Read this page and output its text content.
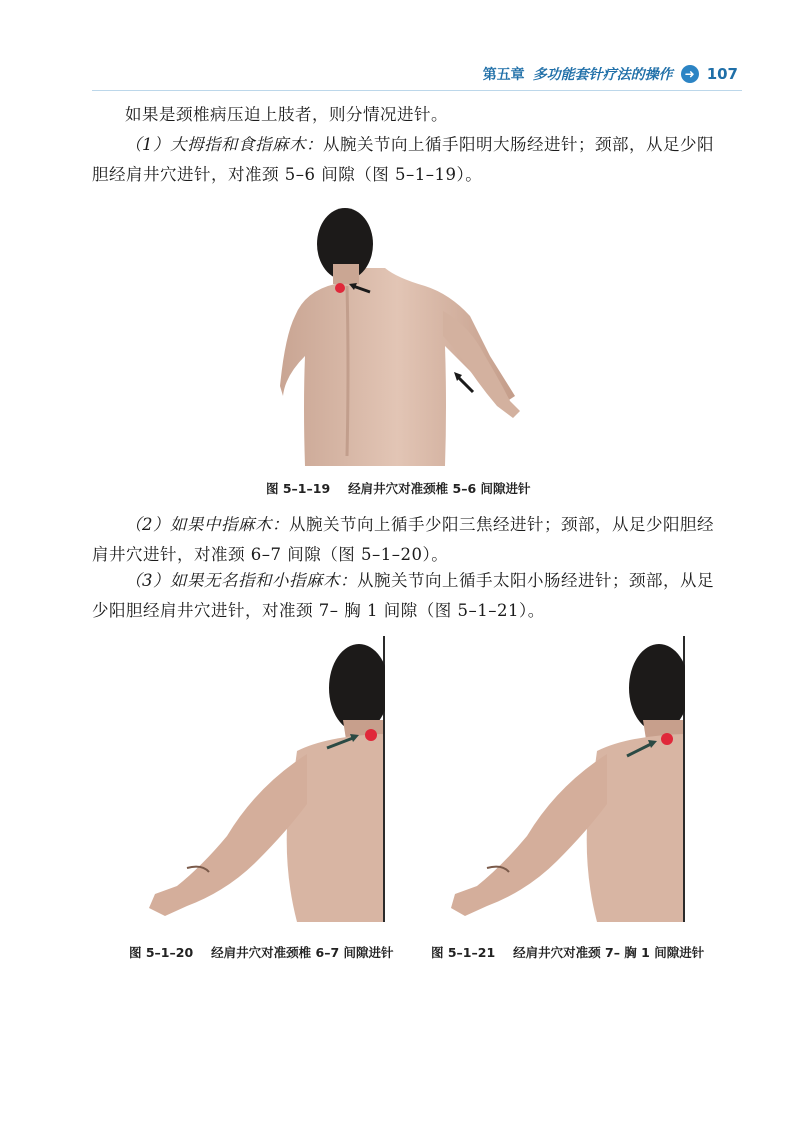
第五章 多功能套针疗法的操作 ➜ 107
如果是颈椎病压迫上肢者，则分情况进针。
（1）大拇指和食指麻木：从腕关节向上循手阳明大肠经进针；颈部，从足少阳胆经肩井穴进针，对准颈 5–6 间隙（图 5–1–19）。
图 5–1–19 经肩井穴对准颈椎 5–6 间隙进针
（2）如果中指麻木：从腕关节向上循手少阳三焦经进针；颈部，从足少阳胆经肩井穴进针，对准颈 6–7 间隙（图 5–1–20）。
（3）如果无名指和小指麻木：从腕关节向上循手太阳小肠经进针；颈部，从足少阳胆经肩井穴进针，对准颈 7– 胸 1 间隙（图 5–1–21）。
图 5–1–20 经肩井穴对准颈椎 6–7 间隙进针	图 5–1–21 经肩井穴对准颈 7– 胸 1 间隙进针
